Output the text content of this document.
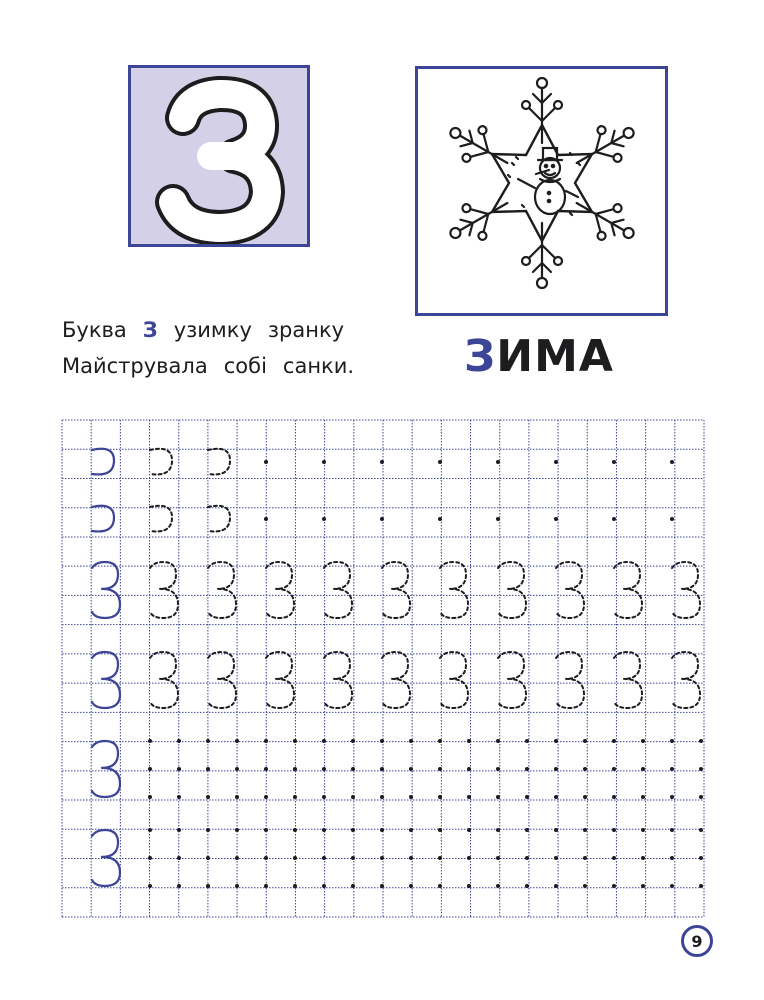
Буква З узимку зранку
Майструвала собі санки. ЗИМА
9
